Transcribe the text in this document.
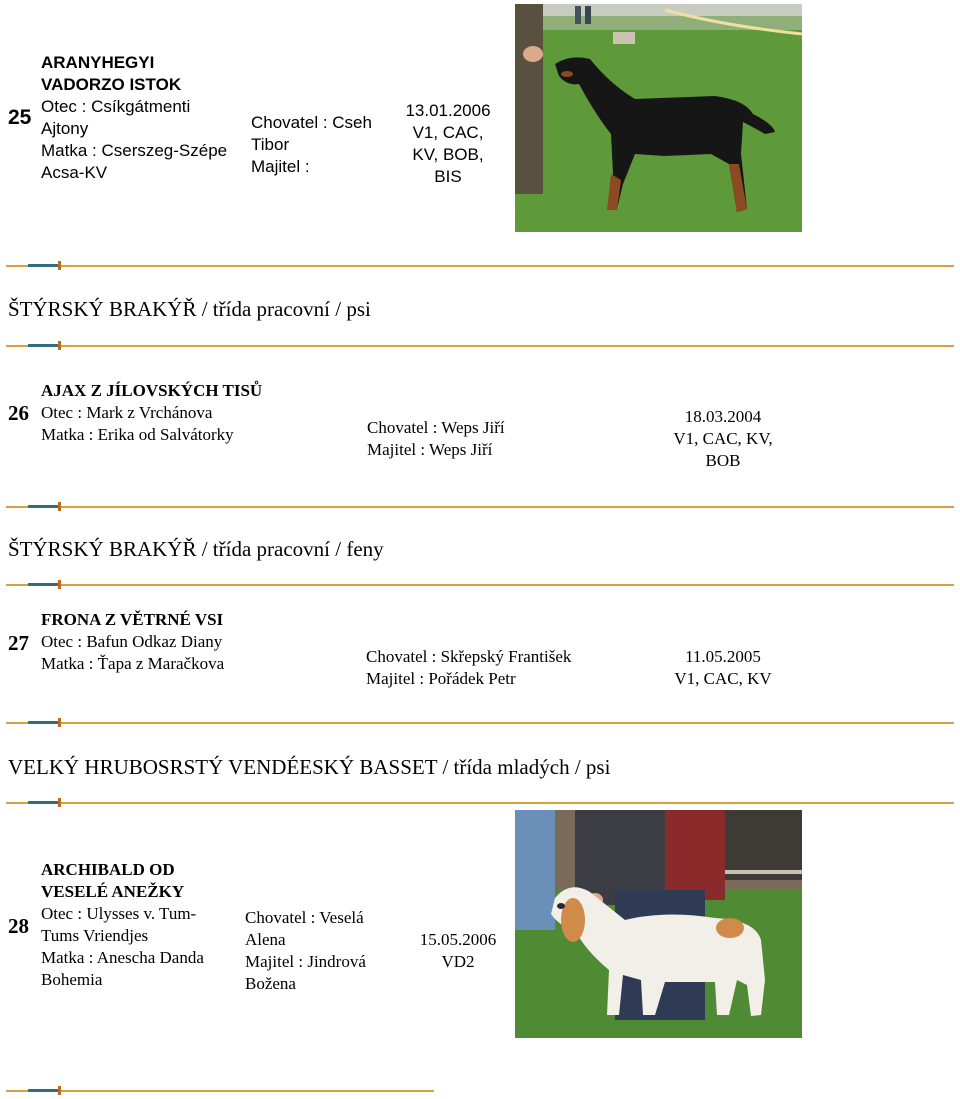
25
ARANYHEGYI
VADORZO ISTOK
Otec : Csíkgátmenti
Ajtony
Matka : Cserszeg-Szépe
Acsa-KV
Chovatel : Cseh
Tibor
Majitel :
13.01.2006
V1, CAC,
KV, BOB,
BIS
ŠTÝRSKÝ BRAKÝŘ / třída pracovní / psi
26
AJAX Z JÍLOVSKÝCH TISŮ
Otec : Mark z Vrchánova
Matka : Erika od Salvátorky	Chovatel : Weps Jiří
Majitel : Weps Jiří
18.03.2004
V1, CAC, KV,
BOB
ŠTÝRSKÝ BRAKÝŘ / třída pracovní / feny
27
FRONA Z VĚTRNÉ VSI
Otec : Bafun Odkaz Diany
Matka : Ťapa z Maračkova	Chovatel : Skřepský František
Majitel : Pořádek Petr
11.05.2005
V1, CAC, KV
VELKÝ HRUBOSRSTÝ VENDÉESKÝ BASSET / třída mladých / psi
28
ARCHIBALD OD
VESELÉ ANEŽKY
Otec : Ulysses v. Tum-
Tums Vriendjes
Matka : Anescha Danda
Bohemia
Chovatel : Veselá
Alena
Majitel : Jindrová
Božena
15.05.2006
VD2
